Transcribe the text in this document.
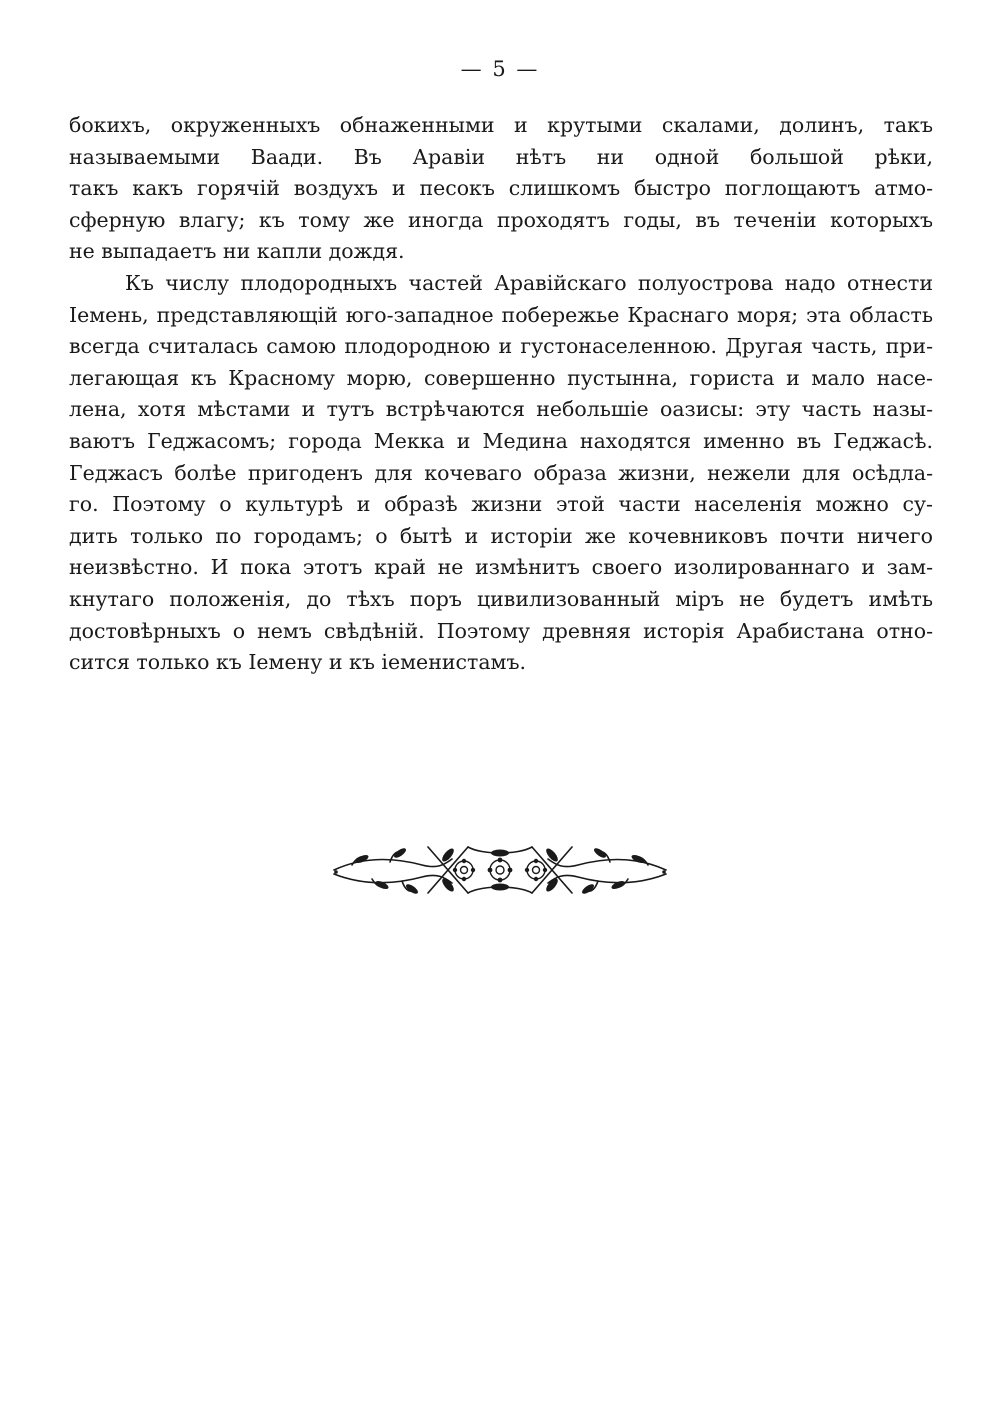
— 5 —
бокихъ, окруженныхъ обнаженными и крутыми скалами, долинъ, такъ
называемыми Ваади. Въ Аравіи нѣтъ ни одной большой рѣки,
такъ какъ горячій воздухъ и песокъ слишкомъ быстро поглощаютъ атмо-
сферную влагу; къ тому же иногда проходятъ годы, въ теченіи которыхъ
не выпадаетъ ни капли дождя.
Къ числу плодородныхъ частей Аравійскаго полуострова надо отнести
Іемень, представляющій юго-западное побережье Краснаго моря; эта область
всегда считалась самою плодородною и густонаселенною. Другая часть, при-
легающая къ Красному морю, совершенно пустынна, гориста и мало насе-
лена, хотя мѣстами и тутъ встрѣчаются небольшіе оазисы: эту часть назы-
ваютъ Геджасомъ; города Мекка и Медина находятся именно въ Геджасѣ.
Геджасъ болѣе пригоденъ для кочеваго образа жизни, нежели для осѣдла-
го. Поэтому о культурѣ и образѣ жизни этой части населенія можно су-
дить только по городамъ; о бытѣ и исторіи же кочевниковъ почти ничего
неизвѣстно. И пока этотъ край не измѣнитъ своего изолированнаго и зам-
кнутаго положенія, до тѣхъ поръ цивилизованный міръ не будетъ имѣть
достовѣрныхъ о немъ свѣдѣній. Поэтому древняя исторія Арабистана отно-
сится только къ Іемену и къ іеменистамъ.
